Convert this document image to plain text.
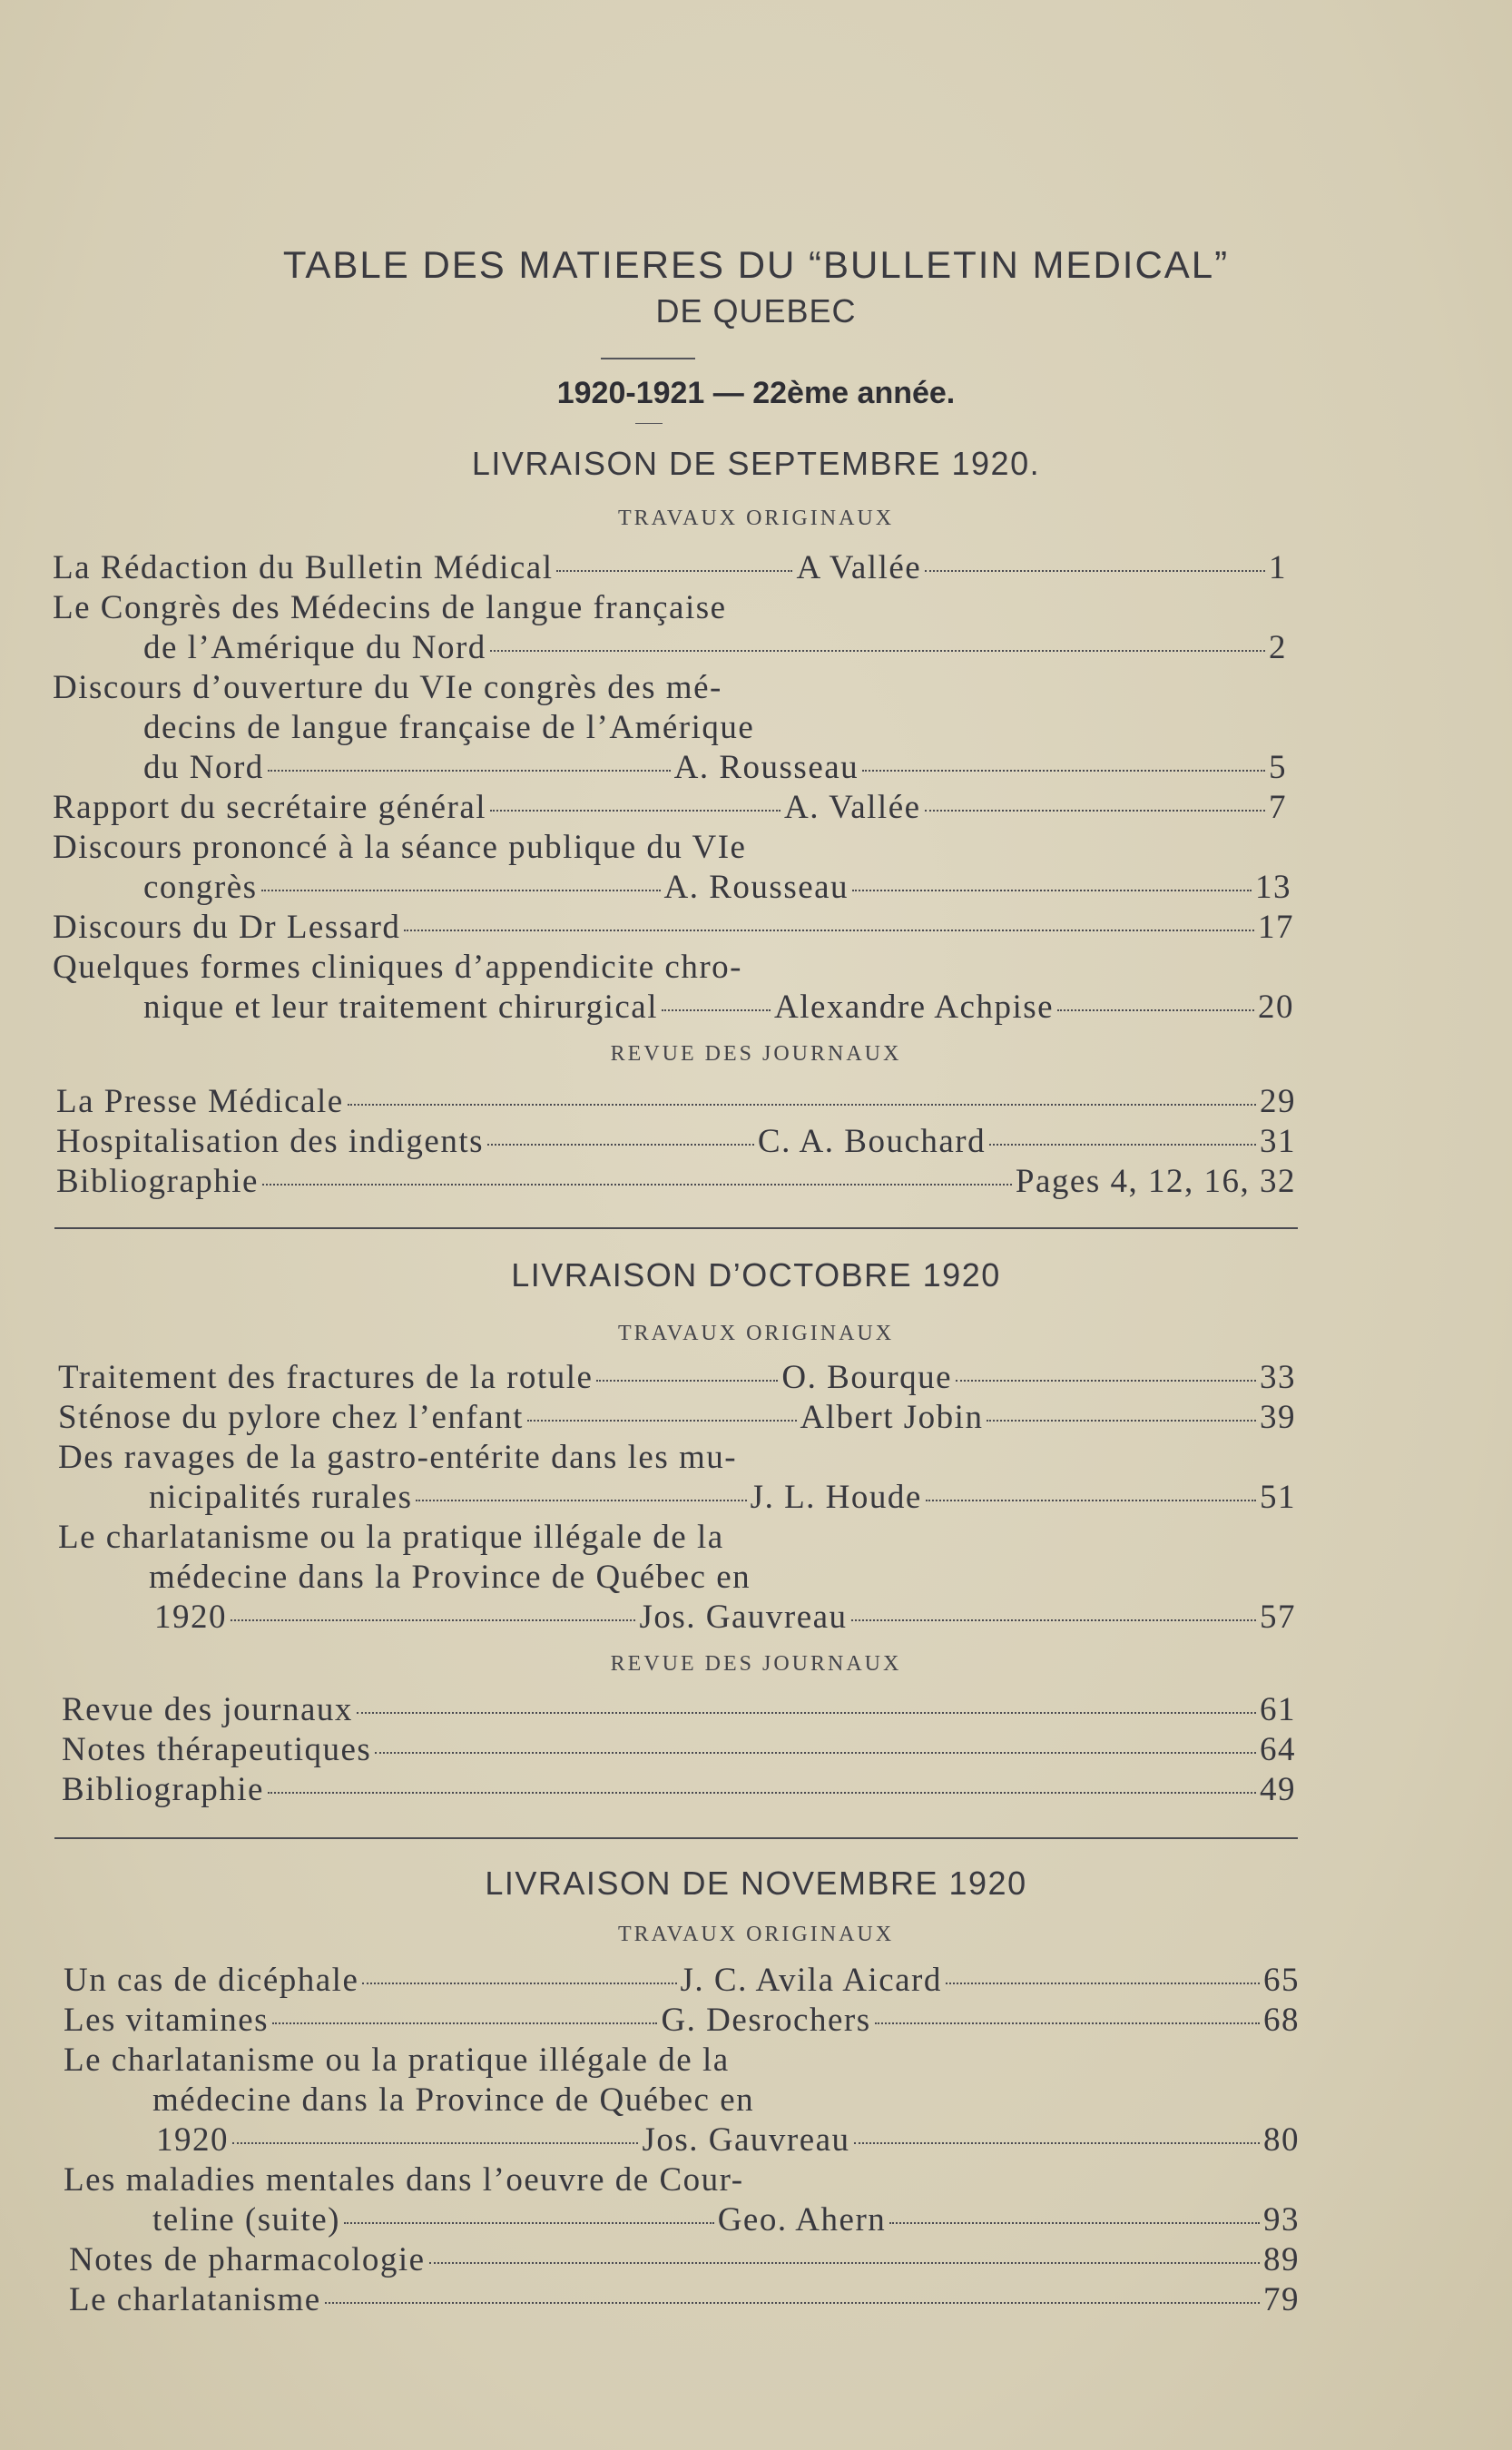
TABLE DES MATIERES DU “BULLETIN MEDICAL”
DE QUEBEC
1920-1921 — 22ème année.
LIVRAISON DE SEPTEMBRE 1920.
TRAVAUX ORIGINAUX
La Rédaction du Bulletin Médical	A Vallée	1
Le Congrès des Médecins de langue française
de l’Amérique du Nord	2
Discours d’ouverture du VIe congrès des mé-
decins de langue française de l’Amérique
du Nord	A. Rousseau	5
Rapport du secrétaire général	A. Vallée	7
Discours prononcé à la séance publique du VIe
congrès	A. Rousseau	13
Discours du Dr Lessard	17
Quelques formes cliniques d’appendicite chro-
nique et leur traitement chirurgical	Alexandre Achpise	20
REVUE DES JOURNAUX
La Presse Médicale	29
Hospitalisation des indigents	C. A. Bouchard	31
Bibliographie	Pages 4, 12, 16, 32
LIVRAISON D’OCTOBRE 1920
TRAVAUX ORIGINAUX
Traitement des fractures de la rotule	O. Bourque	33
Sténose du pylore chez l’enfant	Albert Jobin	39
Des ravages de la gastro-entérite dans les mu-
nicipalités rurales	J. L. Houde	51
Le charlatanisme ou la pratique illégale de la
médecine dans la Province de Québec en
1920	Jos. Gauvreau	57
REVUE DES JOURNAUX
Revue des journaux	61
Notes thérapeutiques	64
Bibliographie	49
LIVRAISON DE NOVEMBRE 1920
TRAVAUX ORIGINAUX
Un cas de dicéphale	J. C. Avila Aicard	65
Les vitamines	G. Desrochers	68
Le charlatanisme ou la pratique illégale de la
médecine dans la Province de Québec en
1920	Jos. Gauvreau	80
Les maladies mentales dans l’oeuvre de Cour-
teline (suite)	Geo. Ahern	93
Notes de pharmacologie	89
Le charlatanisme	79
